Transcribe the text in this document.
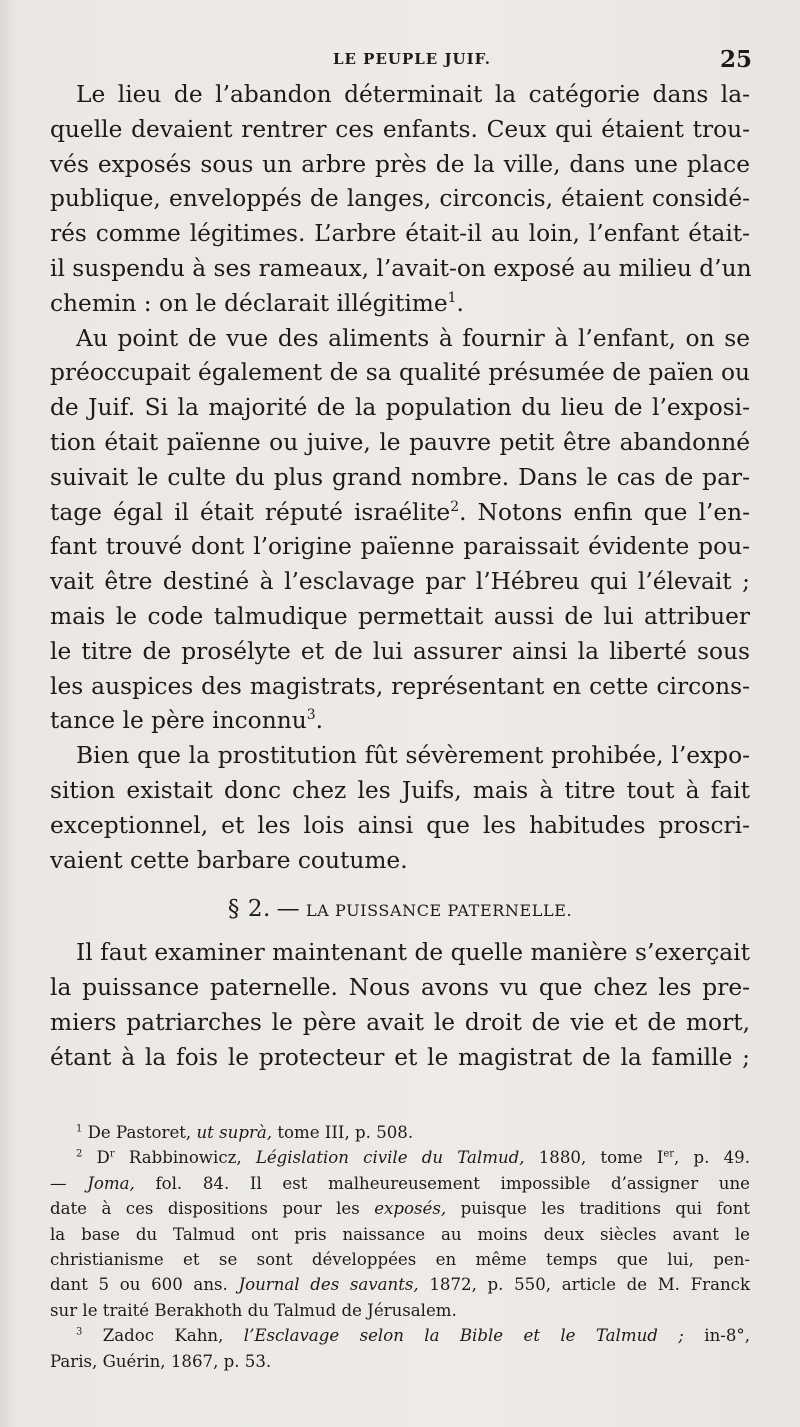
LE PEUPLE JUIF.	25
Le lieu de l’abandon déterminait la catégorie dans la-
quelle devaient rentrer ces enfants. Ceux qui étaient trou-
vés exposés sous un arbre près de la ville, dans une place
publique, enveloppés de langes, circoncis, étaient considé-
rés comme légitimes. L’arbre était-il au loin, l’enfant était-
il suspendu à ses rameaux, l’avait-on exposé au milieu d’un
chemin : on le déclarait illégitime$^1$.
Au point de vue des aliments à fournir à l’enfant, on se
préoccupait également de sa qualité présumée de païen ou
de Juif. Si la majorité de la population du lieu de l’exposi-
tion était païenne ou juive, le pauvre petit être abandonné
suivait le culte du plus grand nombre. Dans le cas de par-
tage égal il était réputé israélite$^2$. Notons enfin que l’en-
fant trouvé dont l’origine païenne paraissait évidente pou-
vait être destiné à l’esclavage par l’Hébreu qui l’élevait ;
mais le code talmudique permettait aussi de lui attribuer
le titre de prosélyte et de lui assurer ainsi la liberté sous
les auspices des magistrats, représentant en cette circons-
tance le père inconnu$^3$.
Bien que la prostitution fût sévèrement prohibée, l’expo-
sition existait donc chez les Juifs, mais à titre tout à fait
exceptionnel, et les lois ainsi que les habitudes proscri-
vaient cette barbare coutume.
§ 2. — LA PUISSANCE PATERNELLE.
Il faut examiner maintenant de quelle manière s’exerçait
la puissance paternelle. Nous avons vu que chez les pre-
miers patriarches le père avait le droit de vie et de mort,
étant à la fois le protecteur et le magistrat de la famille ;
$^1$ De Pastoret, ut suprà, tome III, p. 508.
$^2$ $D^r$ Rabbinowicz, Législation civile du Talmud, 1880, tome Ier, p. 49.
— Joma, fol. 84. Il est malheureusement impossible d’assigner une
date à ces dispositions pour les exposés, puisque les traditions qui font
la base du Talmud ont pris naissance au moins deux siècles avant le
christianisme et se sont développées en même temps que lui, pen-
dant 5 ou 600 ans. Journal des savants, 1872, p. 550, article de M. Franck
sur le traité Berakhoth du Talmud de Jérusalem.
$^3$ Zadoc Kahn, l’Esclavage selon la Bible et le Talmud ; in-8°,
Paris, Guérin, 1867, p. 53.
